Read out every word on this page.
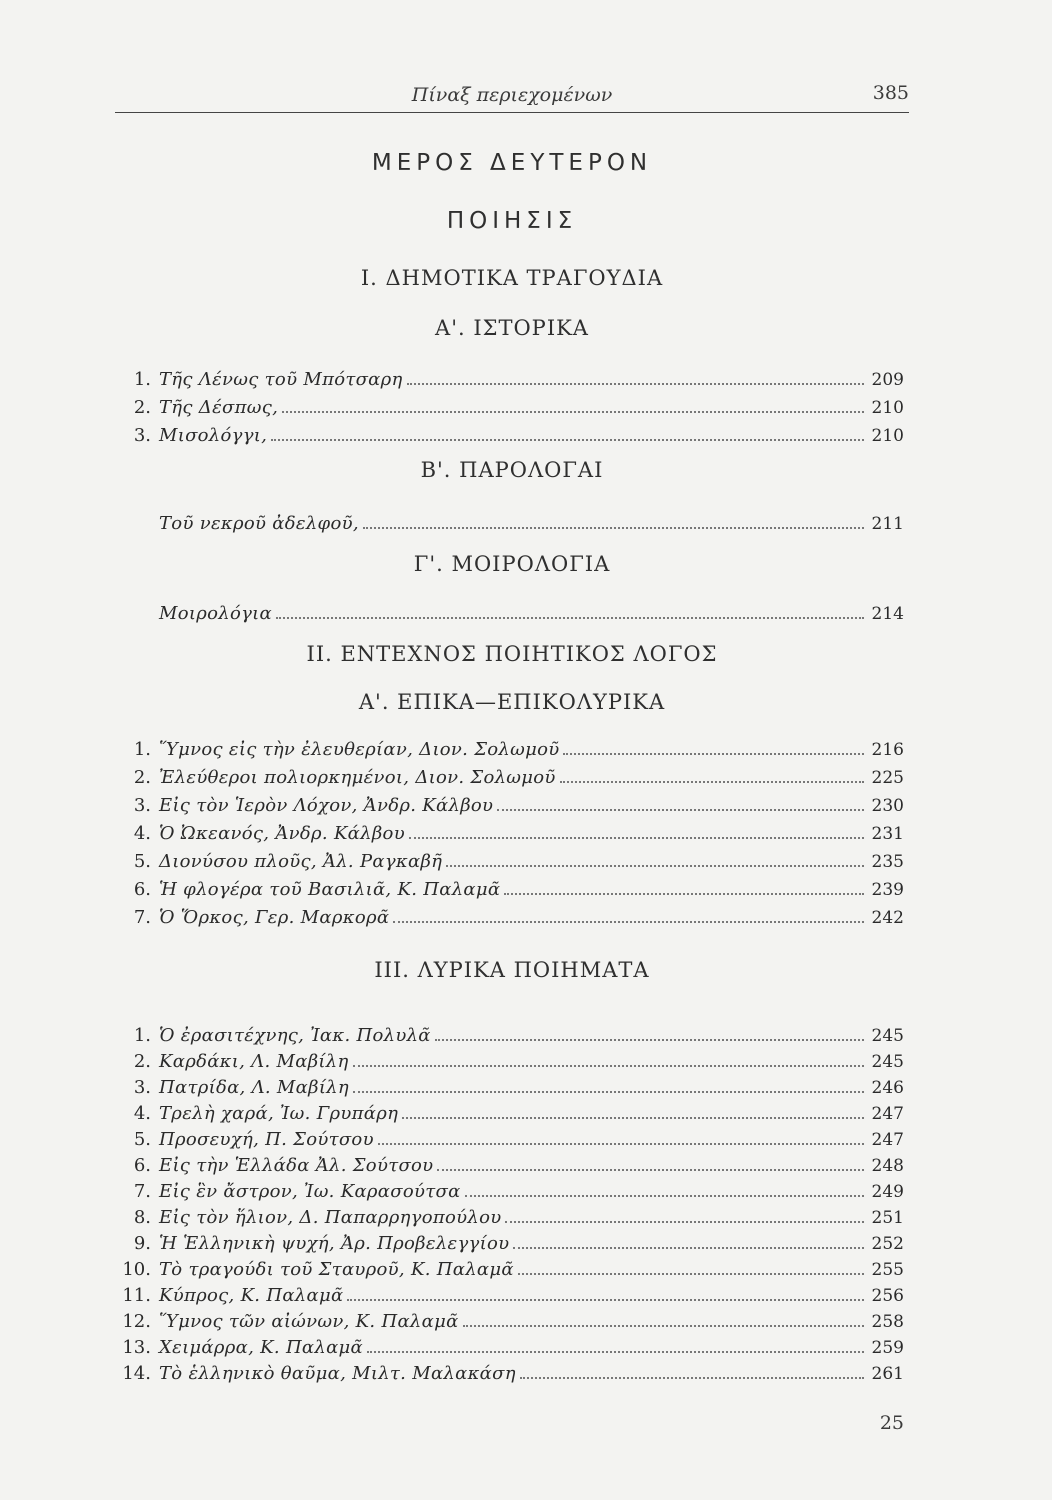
Πίναξ περιεχομένων	385
ΜΕΡΟΣ ΔΕΥΤΕΡΟΝ
ΠΟΙΗΣΙΣ
I. ΔΗΜΟΤΙΚΑ ΤΡΑΓΟΥΔΙΑ
Α'. ΙΣΤΟΡΙΚΑ
1. Τῆς Λένως τοῦ Μπότσαρη	209
2. Τῆς Δέσπως,	210
3. Μισολόγγι,	210
Τοῦ νεκροῦ ἀδελφοῦ,	211
Μοιρολόγια	214
1. Ὕμνος εἰς τὴν ἐλευθερίαν, Διον. Σολωμοῦ	216
2. Ἐλεύθεροι πολιορκημένοι, Διον. Σολωμοῦ	225
3. Εἰς τὸν Ἱερὸν Λόχον, Ἀνδρ. Κάλβου	230
4. Ὁ Ὠκεανός, Ἀνδρ. Κάλβου	231
5. Διονύσου πλοῦς, Ἀλ. Ραγκαβῆ	235
6. Ἡ φλογέρα τοῦ Βασιλιᾶ, Κ. Παλαμᾶ	239
7. Ὁ Ὅρκος, Γερ. Μαρκορᾶ	242
1. Ὁ ἐρασιτέχνης, Ἰακ. Πολυλᾶ	245
2. Καρδάκι, Λ. Μαβίλη	245
3. Πατρίδα, Λ. Μαβίλη	246
4. Τρελὴ χαρά, Ἰω. Γρυπάρη	247
5. Προσευχή, Π. Σούτσου	247
6. Εἰς τὴν Ἑλλάδα Ἀλ. Σούτσου	248
7. Εἰς ἓν ἄστρον, Ἰω. Καρασούτσα	249
8. Εἰς τὸν ἥλιον, Δ. Παπαρρηγοπούλου	251
9. Ἡ Ἑλληνικὴ ψυχή, Ἀρ. Προβελεγγίου	252
10. Τὸ τραγούδι τοῦ Σταυροῦ, Κ. Παλαμᾶ	255
11. Κύπρος, Κ. Παλαμᾶ	256
12. Ὕμνος τῶν αἰώνων, Κ. Παλαμᾶ	258
13. Χειμάρρα, Κ. Παλαμᾶ	259
14. Τὸ ἑλληνικὸ θαῦμα, Μιλτ. Μαλακάση	261
Β'. ΠΑΡΟΛΟΓΑΙ
Γ'. ΜΟΙΡΟΛΟΓΙΑ
II. ΕΝΤΕΧΝΟΣ ΠΟΙΗΤΙΚΟΣ ΛΟΓΟΣ
Α'. ΕΠΙΚΑ—ΕΠΙΚΟΛΥΡΙΚΑ
III. ΛΥΡΙΚΑ ΠΟΙΗΜΑΤΑ
25
